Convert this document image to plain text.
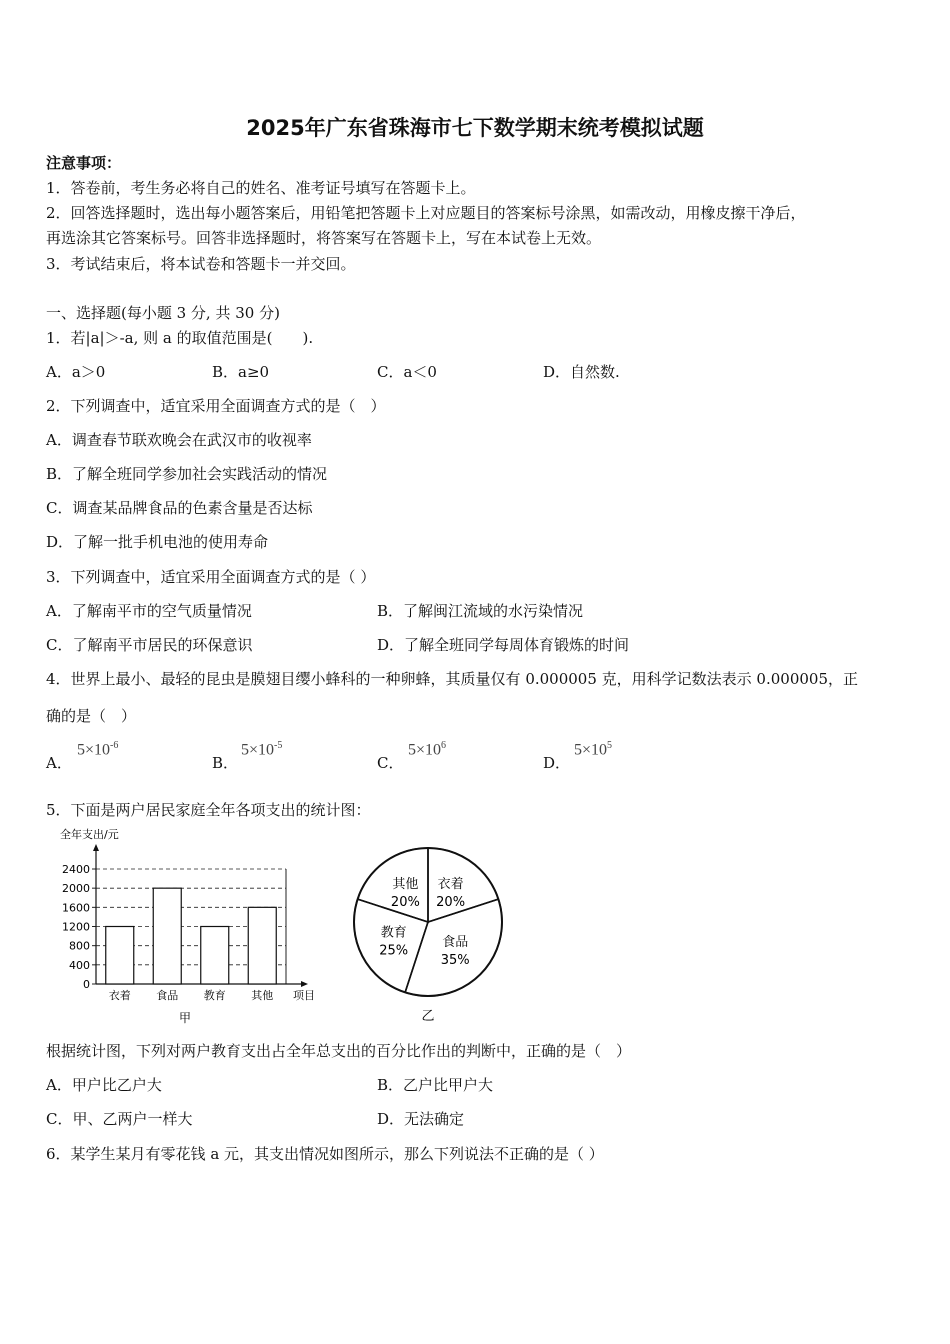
2025年广东省珠海市七下数学期末统考模拟试题
注意事项：
1．答卷前，考生务必将自己的姓名、准考证号填写在答题卡上。
2．回答选择题时，选出每小题答案后，用铅笔把答题卡上对应题目的答案标号涂黑，如需改动，用橡皮擦干净后，
再选涂其它答案标号。回答非选择题时，将答案写在答题卡上，写在本试卷上无效。
3．考试结束后，将本试卷和答题卡一并交回。
一、选择题(每小题 3 分, 共 30 分)
1．若|a|＞-a, 则 a 的取值范围是(　　).
A．a＞0	B．a≥0	C．a＜0	D．自然数.
2．下列调查中，适宜采用全面调查方式的是（　）
A．调查春节联欢晚会在武汉市的收视率
B．了解全班同学参加社会实践活动的情况
C．调查某品牌食品的色素含量是否达标
D．了解一批手机电池的使用寿命
3．下列调查中，适宜采用全面调查方式的是（ ）
A．了解南平市的空气质量情况	B．了解闽江流域的水污染情况
C．了解南平市居民的环保意识	D．了解全班同学每周体育锻炼的时间
4．世界上最小、最轻的昆虫是膜翅目缨小蜂科的一种卵蜂，其质量仅有 0.000005 克，用科学记数法表示 0.000005，正
确的是（　）
A．
$5\times 10^{-6}$
B．
$5\times 10^{-5}$
C．
$5\times 10^6$
D．
$5\times 10^5$
5．下面是两户居民家庭全年各项支出的统计图：
全年支出/元
0
400
800
1200
1600
2000
2400
衣着 食品 教育 其他 项目
甲
其他
20%
衣着
20%
食品
35%
教育
25%
乙
根据统计图，下列对两户教育支出占全年总支出的百分比作出的判断中，正确的是（　）
A．甲户比乙户大	B．乙户比甲户大
C．甲、乙两户一样大	D．无法确定
6．某学生某月有零花钱 a 元，其支出情况如图所示，那么下列说法不正确的是（ ）
